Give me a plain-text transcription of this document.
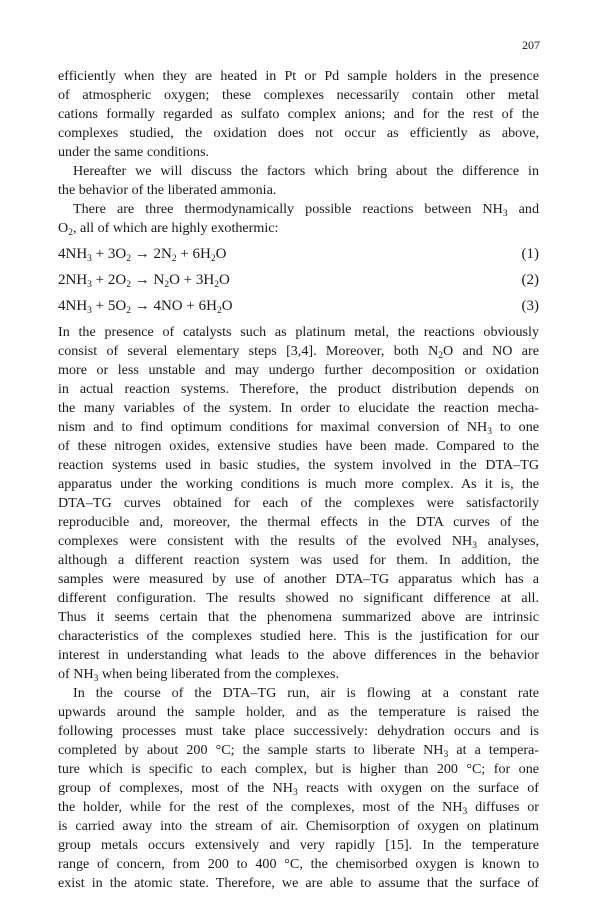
207
efficiently when they are heated in Pt or Pd sample holders in the presence
of atmospheric oxygen; these complexes necessarily contain other metal
cations formally regarded as sulfato complex anions; and for the rest of the
complexes studied, the oxidation does not occur as efficiently as above,
under the same conditions.
Hereafter we will discuss the factors which bring about the difference in
the behavior of the liberated ammonia.
There are three thermodynamically possible reactions between $NH_3$ and
$O_2$, all of which are highly exothermic:
$4NH_3 + 3O_2 \to 2N_2 + 6H_2O$	(1)
$2NH_3 + 2O_2 \to N_2O + 3H_2O$	(2)
$4NH_3 + 5O_2 \to 4NO + 6H_2O$	(3)
In the presence of catalysts such as platinum metal, the reactions obviously
consist of several elementary steps [3,4]. Moreover, both $N_2O$ and NO are
more or less unstable and may undergo further decomposition or oxidation
in actual reaction systems. Therefore, the product distribution depends on
the many variables of the system. In order to elucidate the reaction mecha-
nism and to find optimum conditions for maximal conversion of $NH_3$ to one
of these nitrogen oxides, extensive studies have been made. Compared to the
reaction systems used in basic studies, the system involved in the DTA–TG
apparatus under the working conditions is much more complex. As it is, the
DTA–TG curves obtained for each of the complexes were satisfactorily
reproducible and, moreover, the thermal effects in the DTA curves of the
complexes were consistent with the results of the evolved $NH_3$ analyses,
although a different reaction system was used for them. In addition, the
samples were measured by use of another DTA–TG apparatus which has a
different configuration. The results showed no significant difference at all.
Thus it seems certain that the phenomena summarized above are intrinsic
characteristics of the complexes studied here. This is the justification for our
interest in understanding what leads to the above differences in the behavior
of $NH_3$ when being liberated from the complexes.
In the course of the DTA–TG run, air is flowing at a constant rate
upwards around the sample holder, and as the temperature is raised the
following processes must take place successively: dehydration occurs and is
completed by about 200 °C; the sample starts to liberate $NH_3$ at a tempera-
ture which is specific to each complex, but is higher than 200 °C; for one
group of complexes, most of the $NH_3$ reacts with oxygen on the surface of
the holder, while for the rest of the complexes, most of the $NH_3$ diffuses or
is carried away into the stream of air. Chemisorption of oxygen on platinum
group metals occurs extensively and very rapidly [15]. In the temperature
range of concern, from 200 to 400 °C, the chemisorbed oxygen is known to
exist in the atomic state. Therefore, we are able to assume that the surface of
